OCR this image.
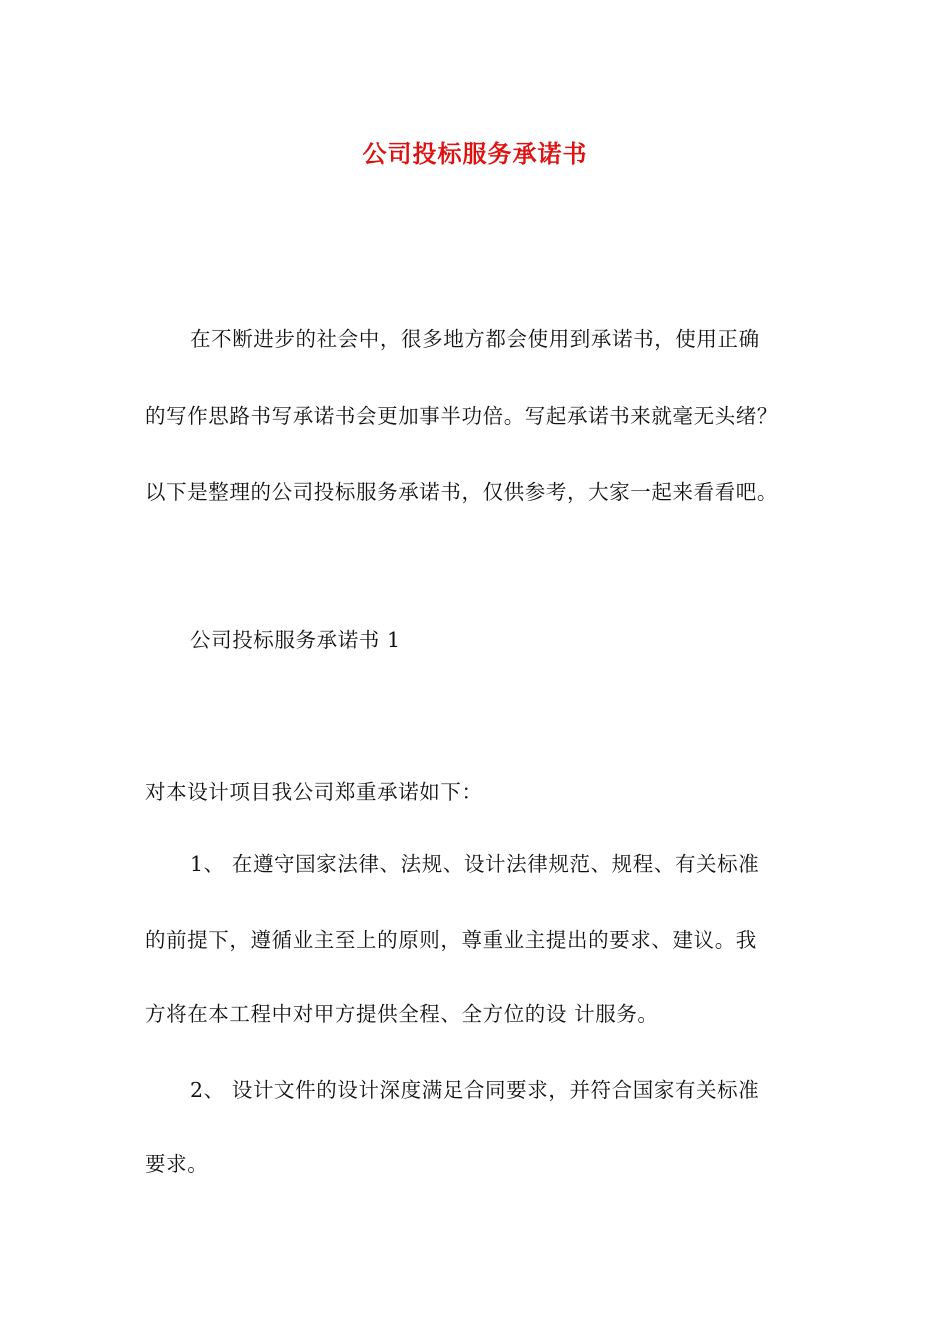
公司投标服务承诺书
在不断进步的社会中，很多地方都会使用到承诺书，使用正确
的写作思路书写承诺书会更加事半功倍。写起承诺书来就毫无头绪？
以下是整理的公司投标服务承诺书，仅供参考，大家一起来看看吧。
公司投标服务承诺书 1
对本设计项目我公司郑重承诺如下：
1、 在遵守国家法律、法规、设计法律规范、规程、有关标准
的前提下，遵循业主至上的原则，尊重业主提出的要求、建议。我
方将在本工程中对甲方提供全程、全方位的设 计服务。
2、 设计文件的设计深度满足合同要求，并符合国家有关标准
要求。
